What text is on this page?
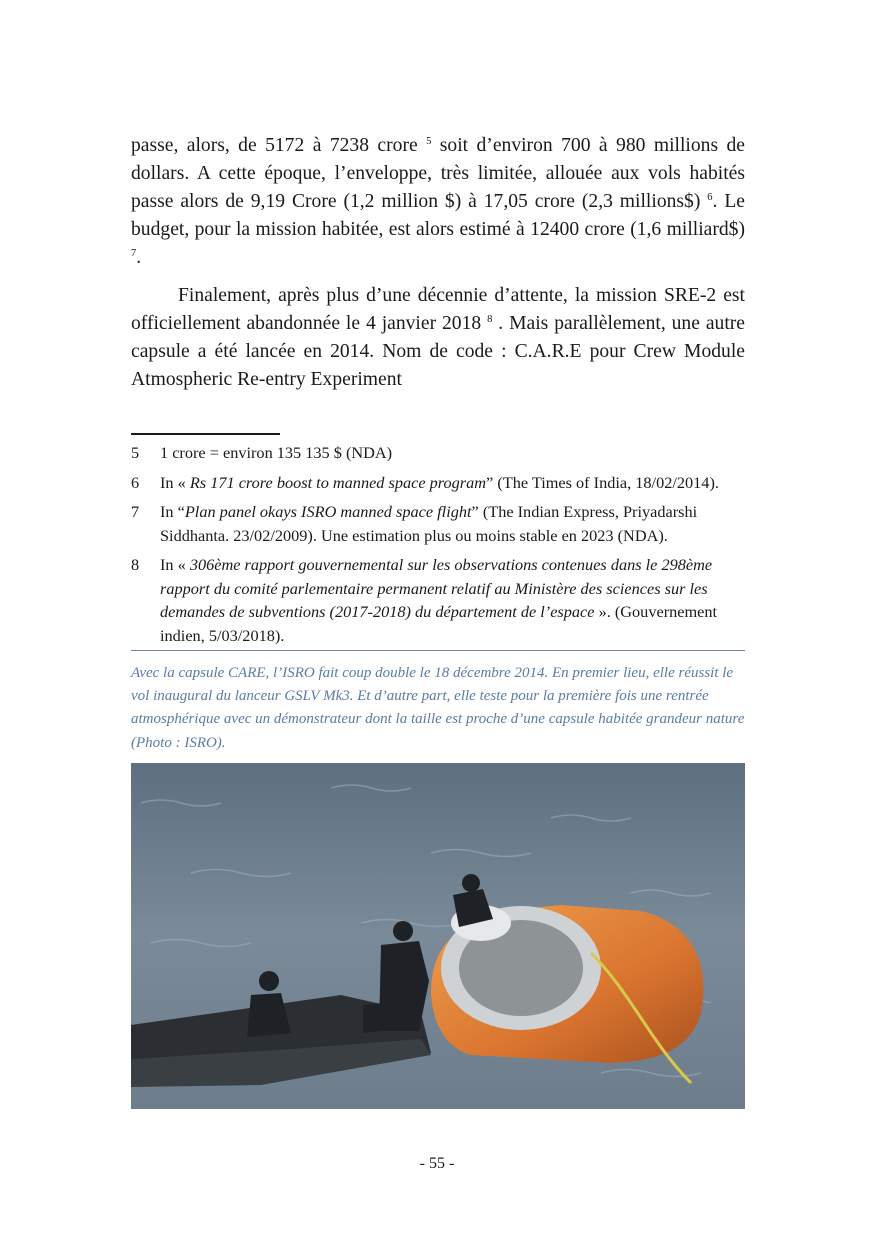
passe, alors, de 5172 à 7238 crore $^5$ soit d’environ 700 à 980 millions de dollars. A cette époque, l’enveloppe, très limitée, allouée aux vols habités passe alors de 9,19 Crore (1,2 million $) à 17,05 crore (2,3 millions$) $^6$. Le budget, pour la mission habitée, est alors estimé à 12400 crore (1,6 milliard$) $^7$.

Finalement, après plus d’une décennie d’attente, la mission SRE-2 est officiellement abandonnée le 4 janvier 2018 $^8$ . Mais parallèlement, une autre capsule a été lancée en 2014. Nom de code : C.A.R.E pour Crew Module Atmospheric Re-entry Experiment

5	1 crore = environ 135 135 $ (NDA)
6	In « Rs 171 crore boost to manned space program” (The Times of India, 18/02/2014).
7	In “Plan panel okays ISRO manned space flight” (The Indian Express, Priyadarshi Siddhanta. 23/02/2009). Une estimation plus ou moins stable en 2023 (NDA).
8	In « 306ème rapport gouvernemental sur les observations contenues dans le 298ème rapport du comité parlementaire permanent relatif au Ministère des sciences sur les demandes de subventions (2017-2018) du département de l’espace ». (Gouvernement indien, 5/03/2018).
Avec la capsule CARE, l’ISRO fait coup double le 18 décembre 2014. En premier lieu, elle réussit le vol inaugural du lanceur GSLV Mk3. Et d’autre part, elle teste pour la première fois une rentrée atmosphérique avec un démonstrateur dont la taille est proche d’une capsule habitée grandeur nature (Photo : ISRO).
- 55 -
